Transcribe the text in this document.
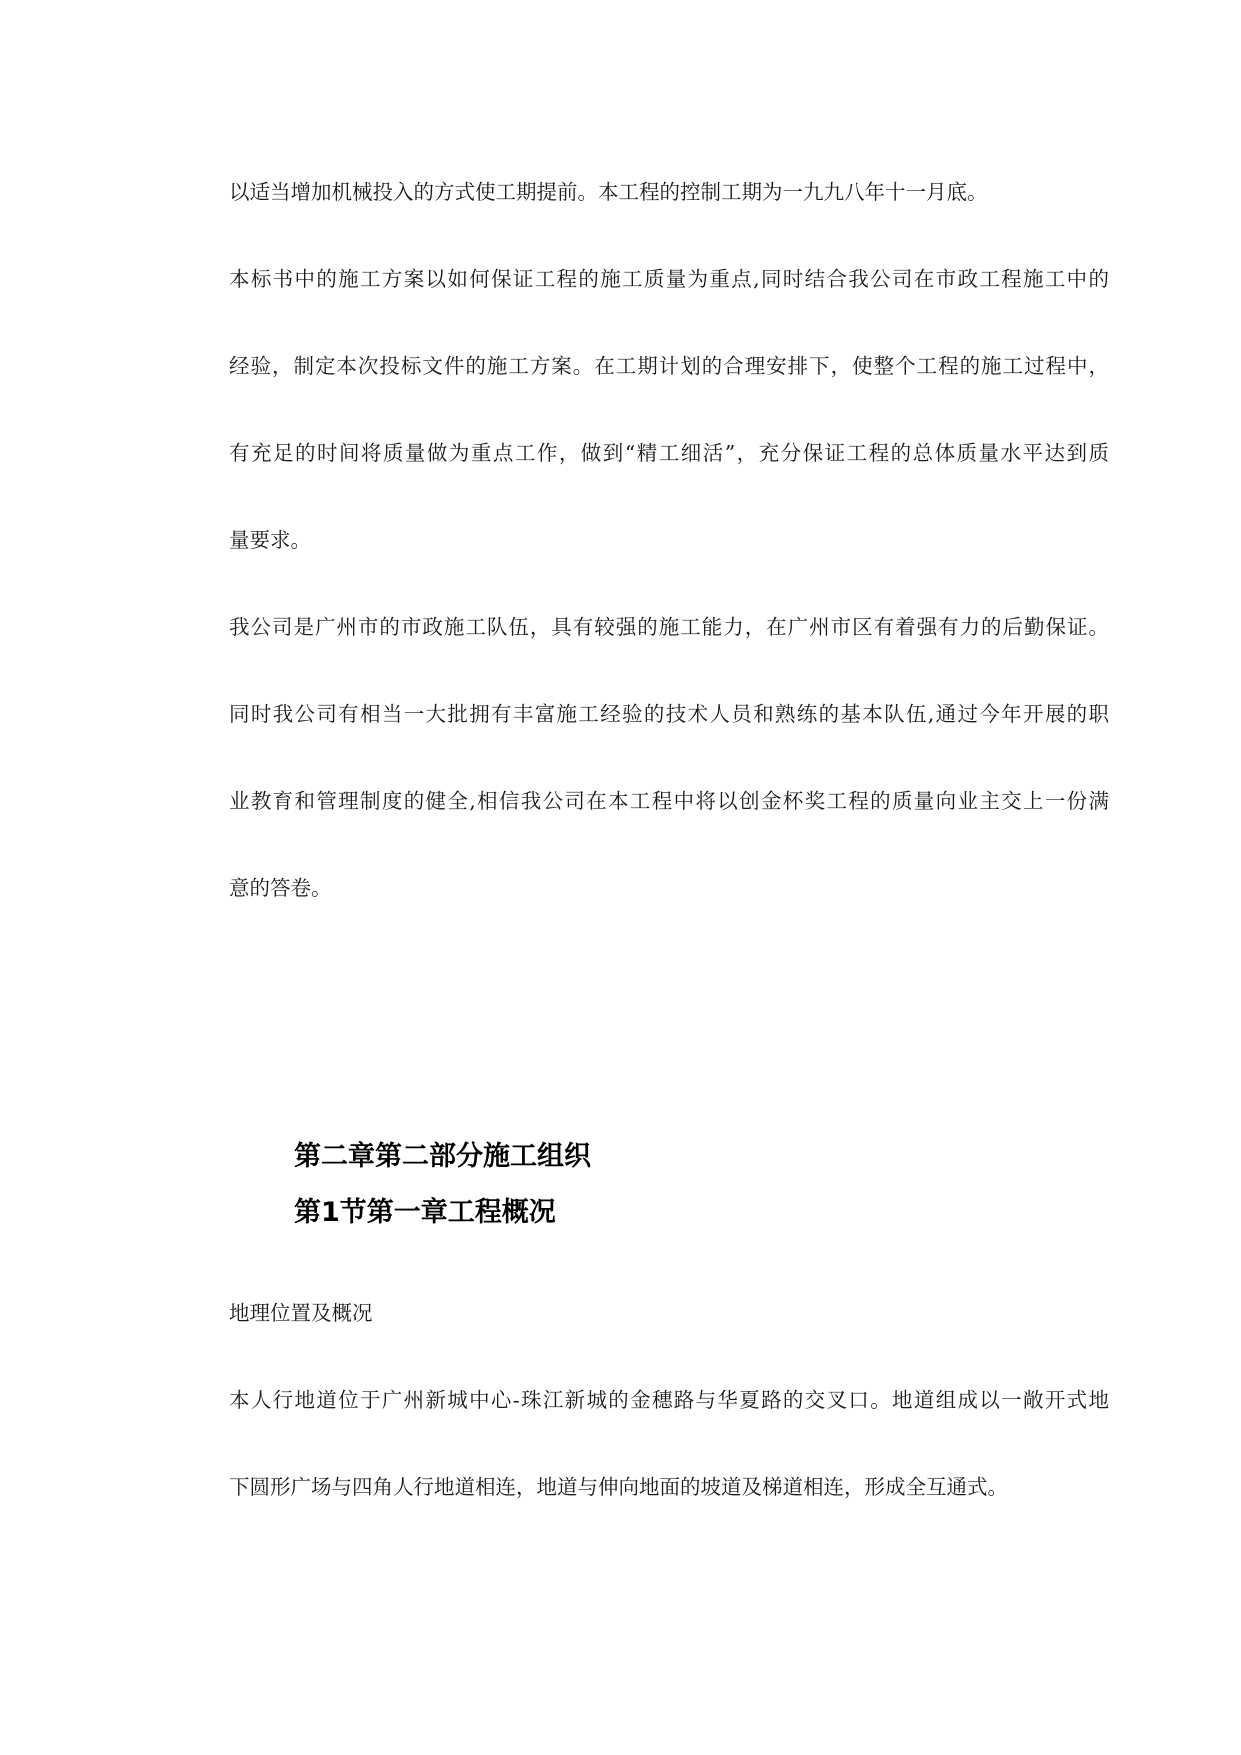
以适当增加机械投入的方式使工期提前。本工程的控制工期为一九九八年十一月底。
本标书中的施工方案以如何保证工程的施工质量为重点,同时结合我公司在市政工程施工中的
经验，制定本次投标文件的施工方案。在工期计划的合理安排下，使整个工程的施工过程中，
有充足的时间将质量做为重点工作，做到“精工细活”，充分保证工程的总体质量水平达到质
量要求。
我公司是广州市的市政施工队伍，具有较强的施工能力，在广州市区有着强有力的后勤保证。
同时我公司有相当一大批拥有丰富施工经验的技术人员和熟练的基本队伍,通过今年开展的职
业教育和管理制度的健全,相信我公司在本工程中将以创金杯奖工程的质量向业主交上一份满
意的答卷。
第二章第二部分施工组织
第1节第一章工程概况
地理位置及概况
本人行地道位于广州新城中心-珠江新城的金穗路与华夏路的交叉口。地道组成以一敞开式地
下圆形广场与四角人行地道相连，地道与伸向地面的坡道及梯道相连，形成全互通式。
